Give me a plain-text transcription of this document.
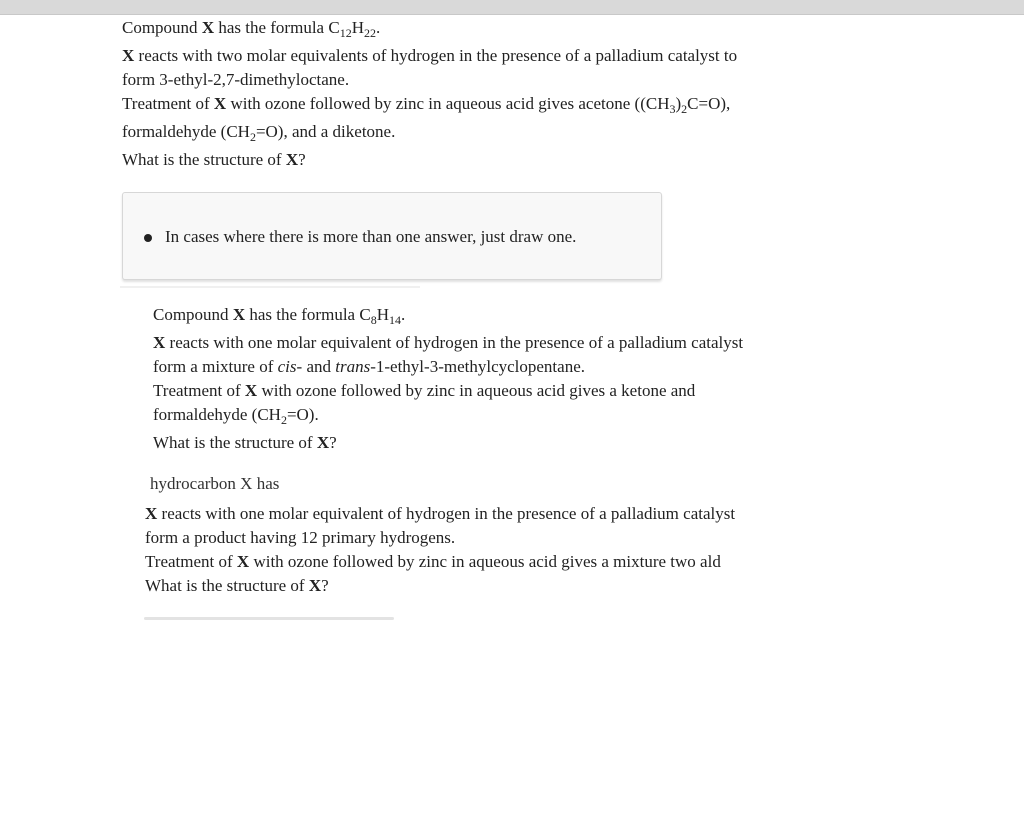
Compound X has the formula $C_{12}H_{22}$.

X reacts with two molar equivalents of hydrogen in the presence of a palladium catalyst to

form 3-ethyl-2,7-dimethyloctane.

Treatment of X with ozone followed by zinc in aqueous acid gives acetone $((CH_3)_2C=O)$,

formaldehyde $(CH_2=O)$, and a diketone.

What is the structure of X?

In cases where there is more than one answer, just draw one.

Compound X has the formula $C_8H_{14}$.

X reacts with one molar equivalent of hydrogen in the presence of a palladium catalyst

form a mixture of cis- and trans-1-ethyl-3-methylcyclopentane.

Treatment of X with ozone followed by zinc in aqueous acid gives a ketone and

formaldehyde $(CH_2=O)$.

What is the structure of X?

hydrocarbon X has

X reacts with one molar equivalent of hydrogen in the presence of a palladium catalyst

form a product having 12 primary hydrogens.

Treatment of X with ozone followed by zinc in aqueous acid gives a mixture two ald

What is the structure of X?
